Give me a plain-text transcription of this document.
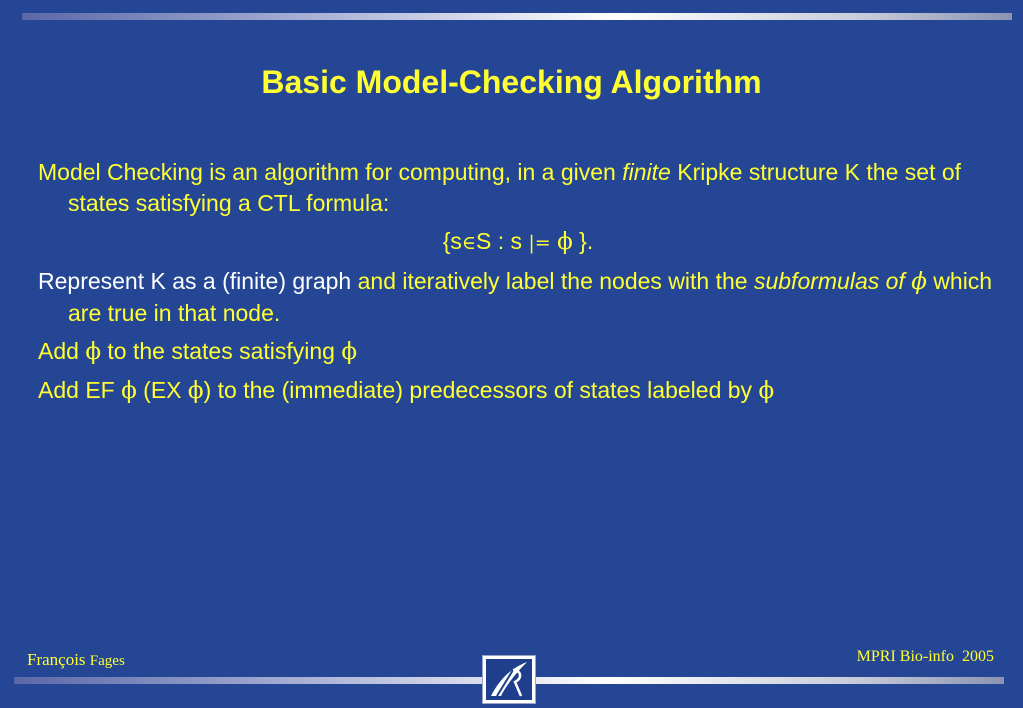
Basic Model-Checking Algorithm

Model Checking is an algorithm for computing, in a given finite Kripke structure K the set of states satisfying a CTL formula:

{s∈S : s |= ϕ }.

Represent K as a (finite) graph and iteratively label the nodes with the subformulas of ϕ which are true in that node.

Add ϕ to the states satisfying ϕ

Add EF ϕ (EX ϕ) to the (immediate) predecessors of states labeled by ϕ

François Fages	MPRI Bio-info  2005
